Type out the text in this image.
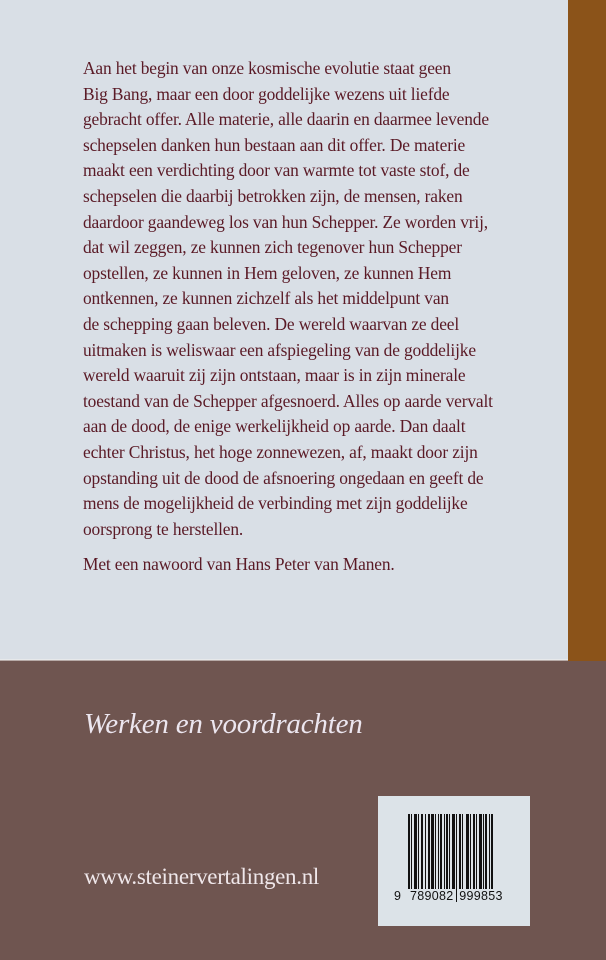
Aan het begin van onze kosmische evolutie staat geen
Big Bang, maar een door goddelijke wezens uit liefde
gebracht offer. Alle materie, alle daarin en daarmee levende
schepselen danken hun bestaan aan dit offer. De materie
maakt een verdichting door van warmte tot vaste stof, de
schepselen die daarbij betrokken zijn, de mensen, raken
daardoor gaandeweg los van hun Schepper. Ze worden vrij,
dat wil zeggen, ze kunnen zich tegenover hun Schepper
opstellen, ze kunnen in Hem geloven, ze kunnen Hem
ontkennen, ze kunnen zichzelf als het middelpunt van
de schepping gaan beleven. De wereld waarvan ze deel
uitmaken is weliswaar een afspiegeling van de goddelijke
wereld waaruit zij zijn ontstaan, maar is in zijn minerale
toestand van de Schepper afgesnoerd. Alles op aarde vervalt
aan de dood, de enige werkelijkheid op aarde. Dan daalt
echter Christus, het hoge zonnewezen, af, maakt door zijn
opstanding uit de dood de afsnoering ongedaan en geeft de
mens de mogelijkheid de verbinding met zijn goddelijke
oorsprong te herstellen.

Met een nawoord van Hans Peter van Manen.

Werken en voordrachten
www.steinervertalingen.nl
9 789082 999853
